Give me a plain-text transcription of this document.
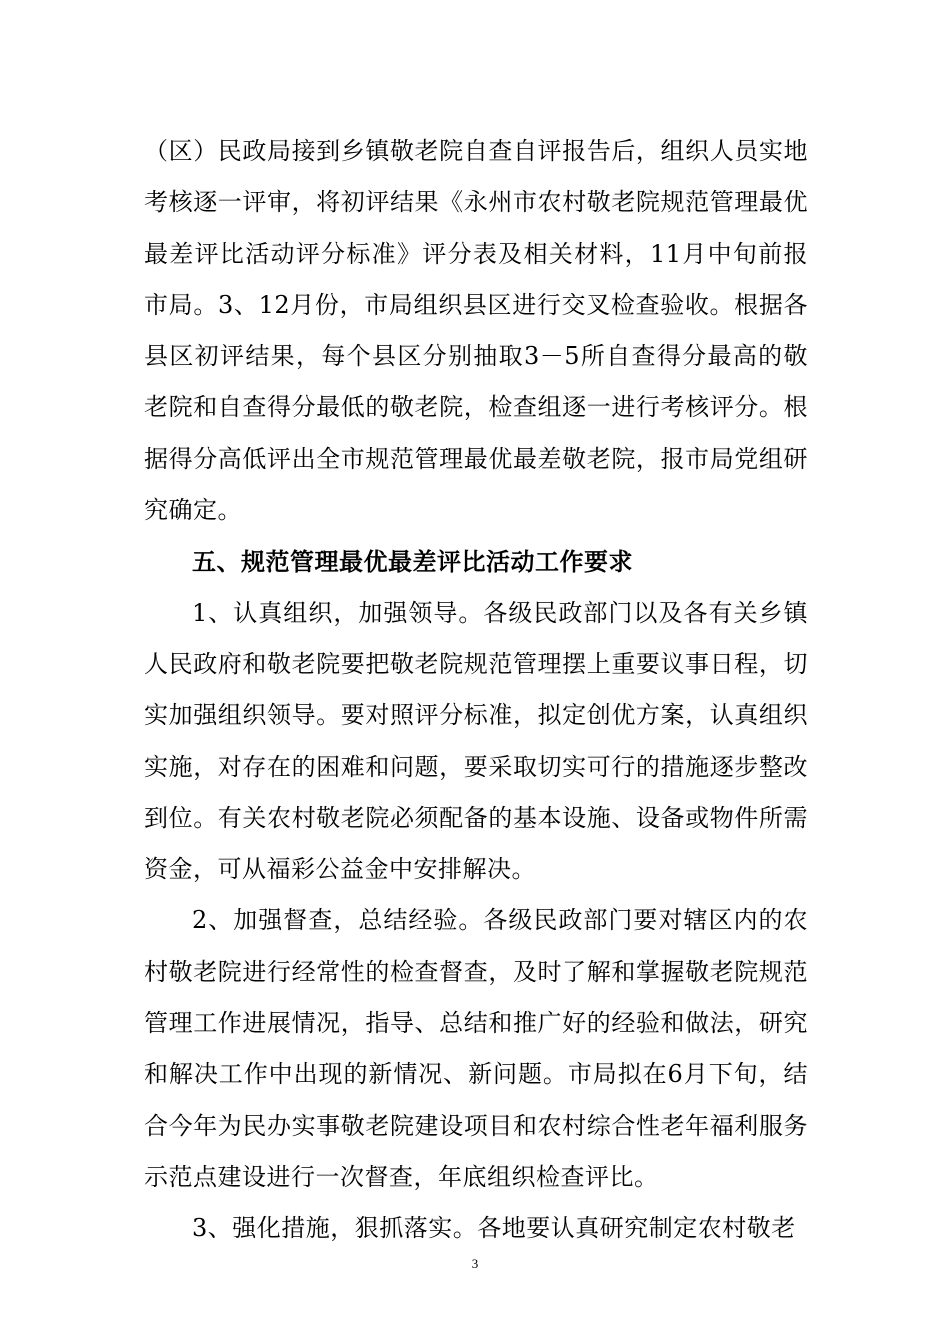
（区）民政局接到乡镇敬老院自查自评报告后，组织人员实地考核逐一评审，将初评结果《永州市农村敬老院规范管理最优最差评比活动评分标准》评分表及相关材料，11月中旬前报市局。3、12月份，市局组织县区进行交叉检查验收。根据各县区初评结果，每个县区分别抽取3－5所自查得分最高的敬老院和自查得分最低的敬老院，检查组逐一进行考核评分。根据得分高低评出全市规范管理最优最差敬老院，报市局党组研究确定。

五、规范管理最优最差评比活动工作要求

1、认真组织，加强领导。各级民政部门以及各有关乡镇人民政府和敬老院要把敬老院规范管理摆上重要议事日程，切实加强组织领导。要对照评分标准，拟定创优方案，认真组织实施，对存在的困难和问题，要采取切实可行的措施逐步整改到位。有关农村敬老院必须配备的基本设施、设备或物件所需资金，可从福彩公益金中安排解决。

2、加强督查，总结经验。各级民政部门要对辖区内的农村敬老院进行经常性的检查督查，及时了解和掌握敬老院规范管理工作进展情况，指导、总结和推广好的经验和做法，研究和解决工作中出现的新情况、新问题。市局拟在6月下旬，结合今年为民办实事敬老院建设项目和农村综合性老年福利服务示范点建设进行一次督查，年底组织检查评比。

3、强化措施，狠抓落实。各地要认真研究制定农村敬老

3
